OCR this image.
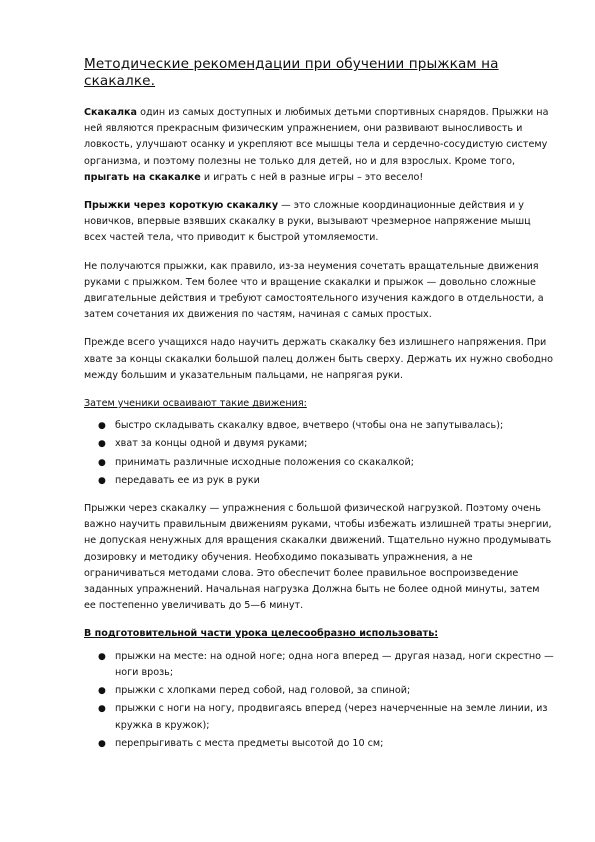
Методические рекомендации при обучении прыжкам на скакалке.

Скакалка один из самых доступных и любимых детьми спортивных снарядов. Прыжки на ней являются прекрасным физическим упражнением, они развивают выносливость и ловкость, улучшают осанку и укрепляют все мышцы тела и сердечно-сосудистую систему организма, и поэтому полезны не только для детей, но и для взрослых. Кроме того, прыгать на скакалке и играть с ней в разные игры – это весело!

Прыжки через короткую скакалку — это сложные координационные действия и у новичков, впервые взявших скакалку в руки, вызывают чрезмерное напряжение мышц всех частей тела, что приводит к быстрой утомляемости.

Не получаются прыжки, как правило, из-за неумения сочетать вращательные движения руками с прыжком. Тем более что и вращение скакалки и прыжок — довольно сложные двигательные действия и требуют самостоятельного изучения каждого в отдельности, а затем сочетания их движения по частям, начиная с самых простых.

Прежде всего учащихся надо научить держать скакалку без излишнего напряжения. При хвате за концы скакалки большой палец должен быть сверху. Держать их нужно свободно между большим и указательным пальцами, не напрягая руки.

Затем ученики осваивают такие движения:

● быстро складывать скакалку вдвое, вчетверо (чтобы она не запутывалась);
● хват за концы одной и двумя руками;
● принимать различные исходные положения со скакалкой;
● передавать ее из рук в руки

Прыжки через скакалку — упражнения с большой физической нагрузкой. Поэтому очень важно научить правильным движениям руками, чтобы избежать излишней траты энергии, не допуская ненужных для вращения скакалки движений. Тщательно нужно продумывать дозировку и методику обучения. Необходимо показывать упражнения, а не ограничиваться методами слова. Это обеспечит более правильное воспроизведение заданных упражнений. Начальная нагрузка Должна быть не более одной минуты, затем ее постепенно увеличивать до 5—6 минут.

В подготовительной части урока целесообразно использовать:

● прыжки на месте: на одной ноге; одна нога вперед — другая назад, ноги скрестно — ноги врозь;
● прыжки с хлопками перед собой, над головой, за спиной;
● прыжки с ноги на ногу, продвигаясь вперед (через начерченные на земле линии, из кружка в кружок);
● перепрыгивать с места предметы высотой до 10 см;
